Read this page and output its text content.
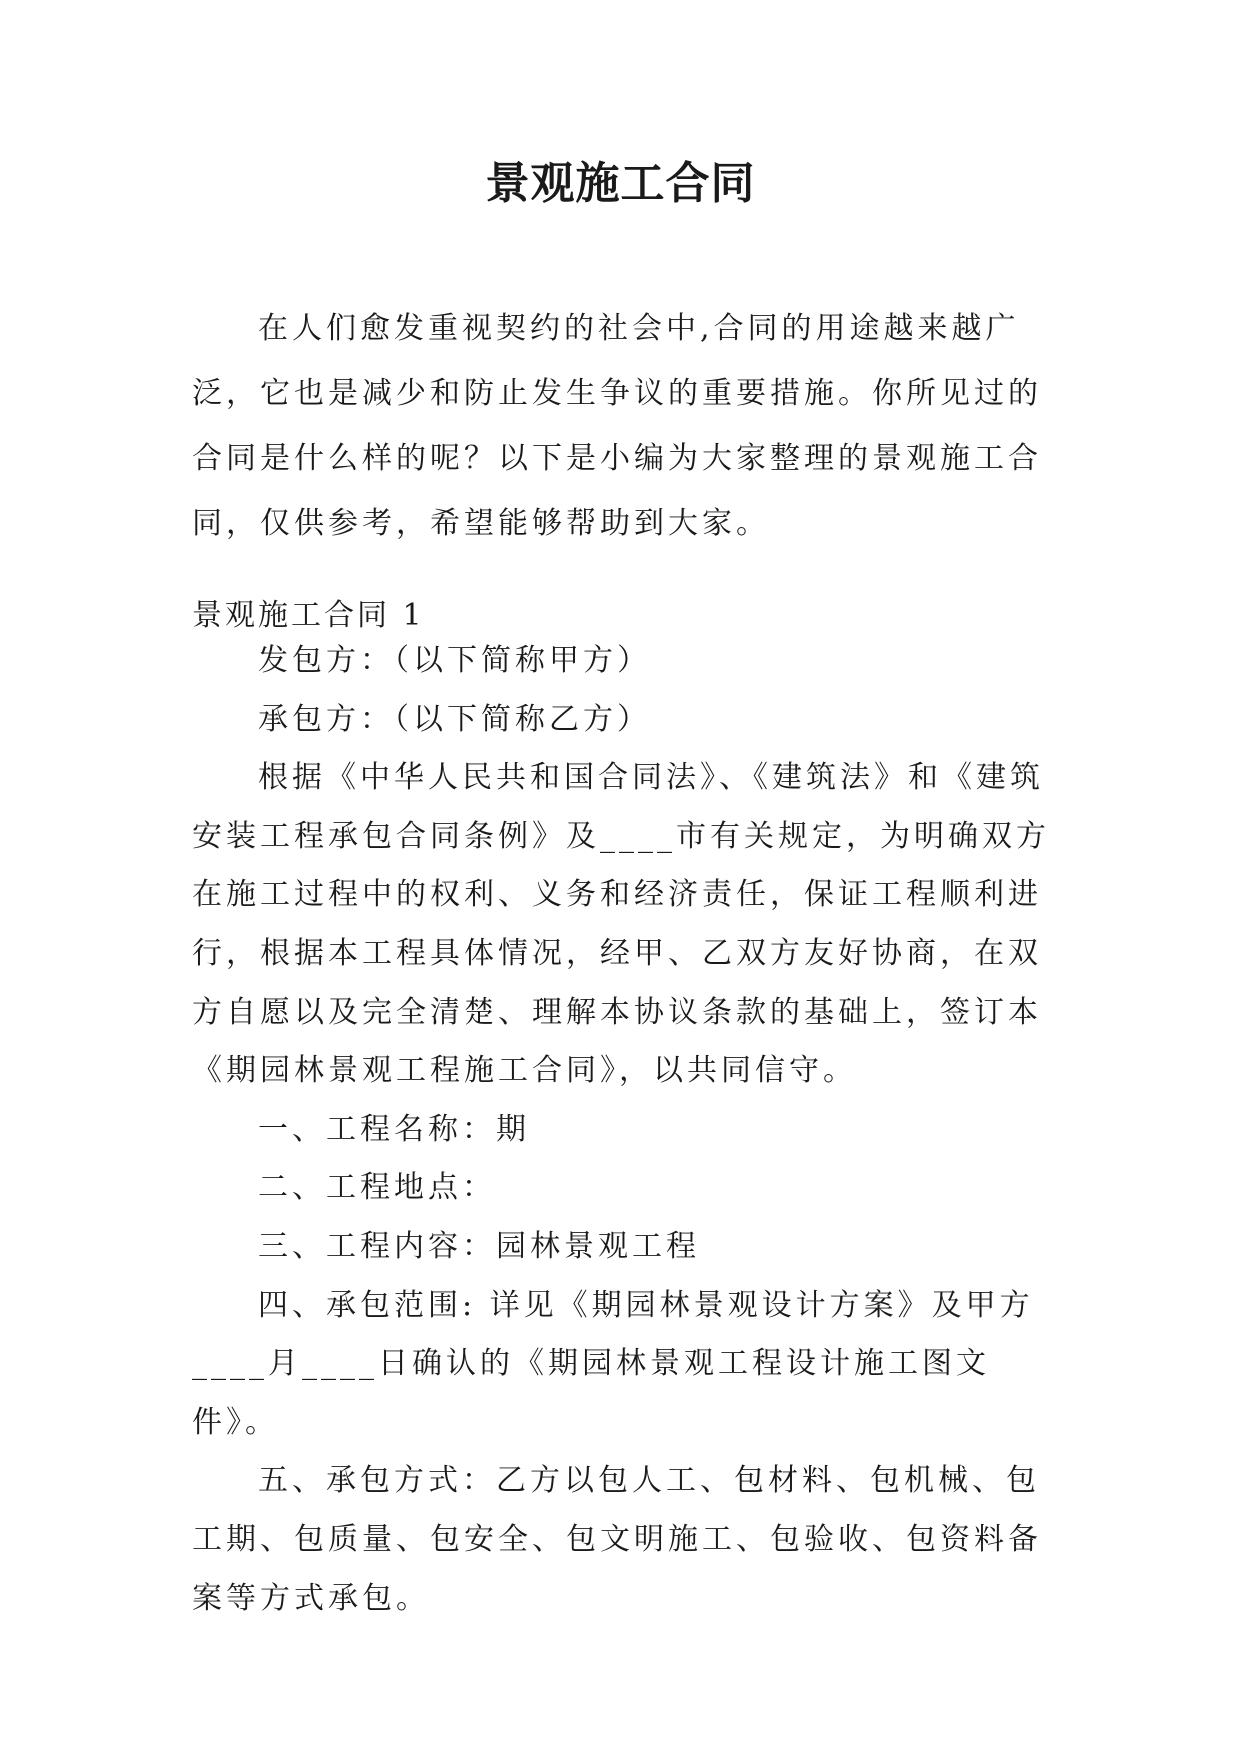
景观施工合同
在人们愈发重视契约的社会中,合同的用途越来越广泛，它也是减少和防止发生争议的重要措施。你所见过的合同是什么样的呢？以下是小编为大家整理的景观施工合同，仅供参考，希望能够帮助到大家。
景观施工合同 1

发包方：（以下简称甲方）

承包方：（以下简称乙方）

根据《中华人民共和国合同法》、《建筑法》和《建筑安装工程承包合同条例》及____市有关规定，为明确双方在施工过程中的权利、义务和经济责任，保证工程顺利进行，根据本工程具体情况，经甲、乙双方友好协商，在双方自愿以及完全清楚、理解本协议条款的基础上，签订本《期园林景观工程施工合同》，以共同信守。

一、工程名称：期

二、工程地点：

三、工程内容：园林景观工程

四、承包范围: 详见《期园林景观设计方案》及甲方____月____日确认的《期园林景观工程设计施工图文件》。

五、承包方式：乙方以包人工、包材料、包机械、包工期、包质量、包安全、包文明施工、包验收、包资料备案等方式承包。
